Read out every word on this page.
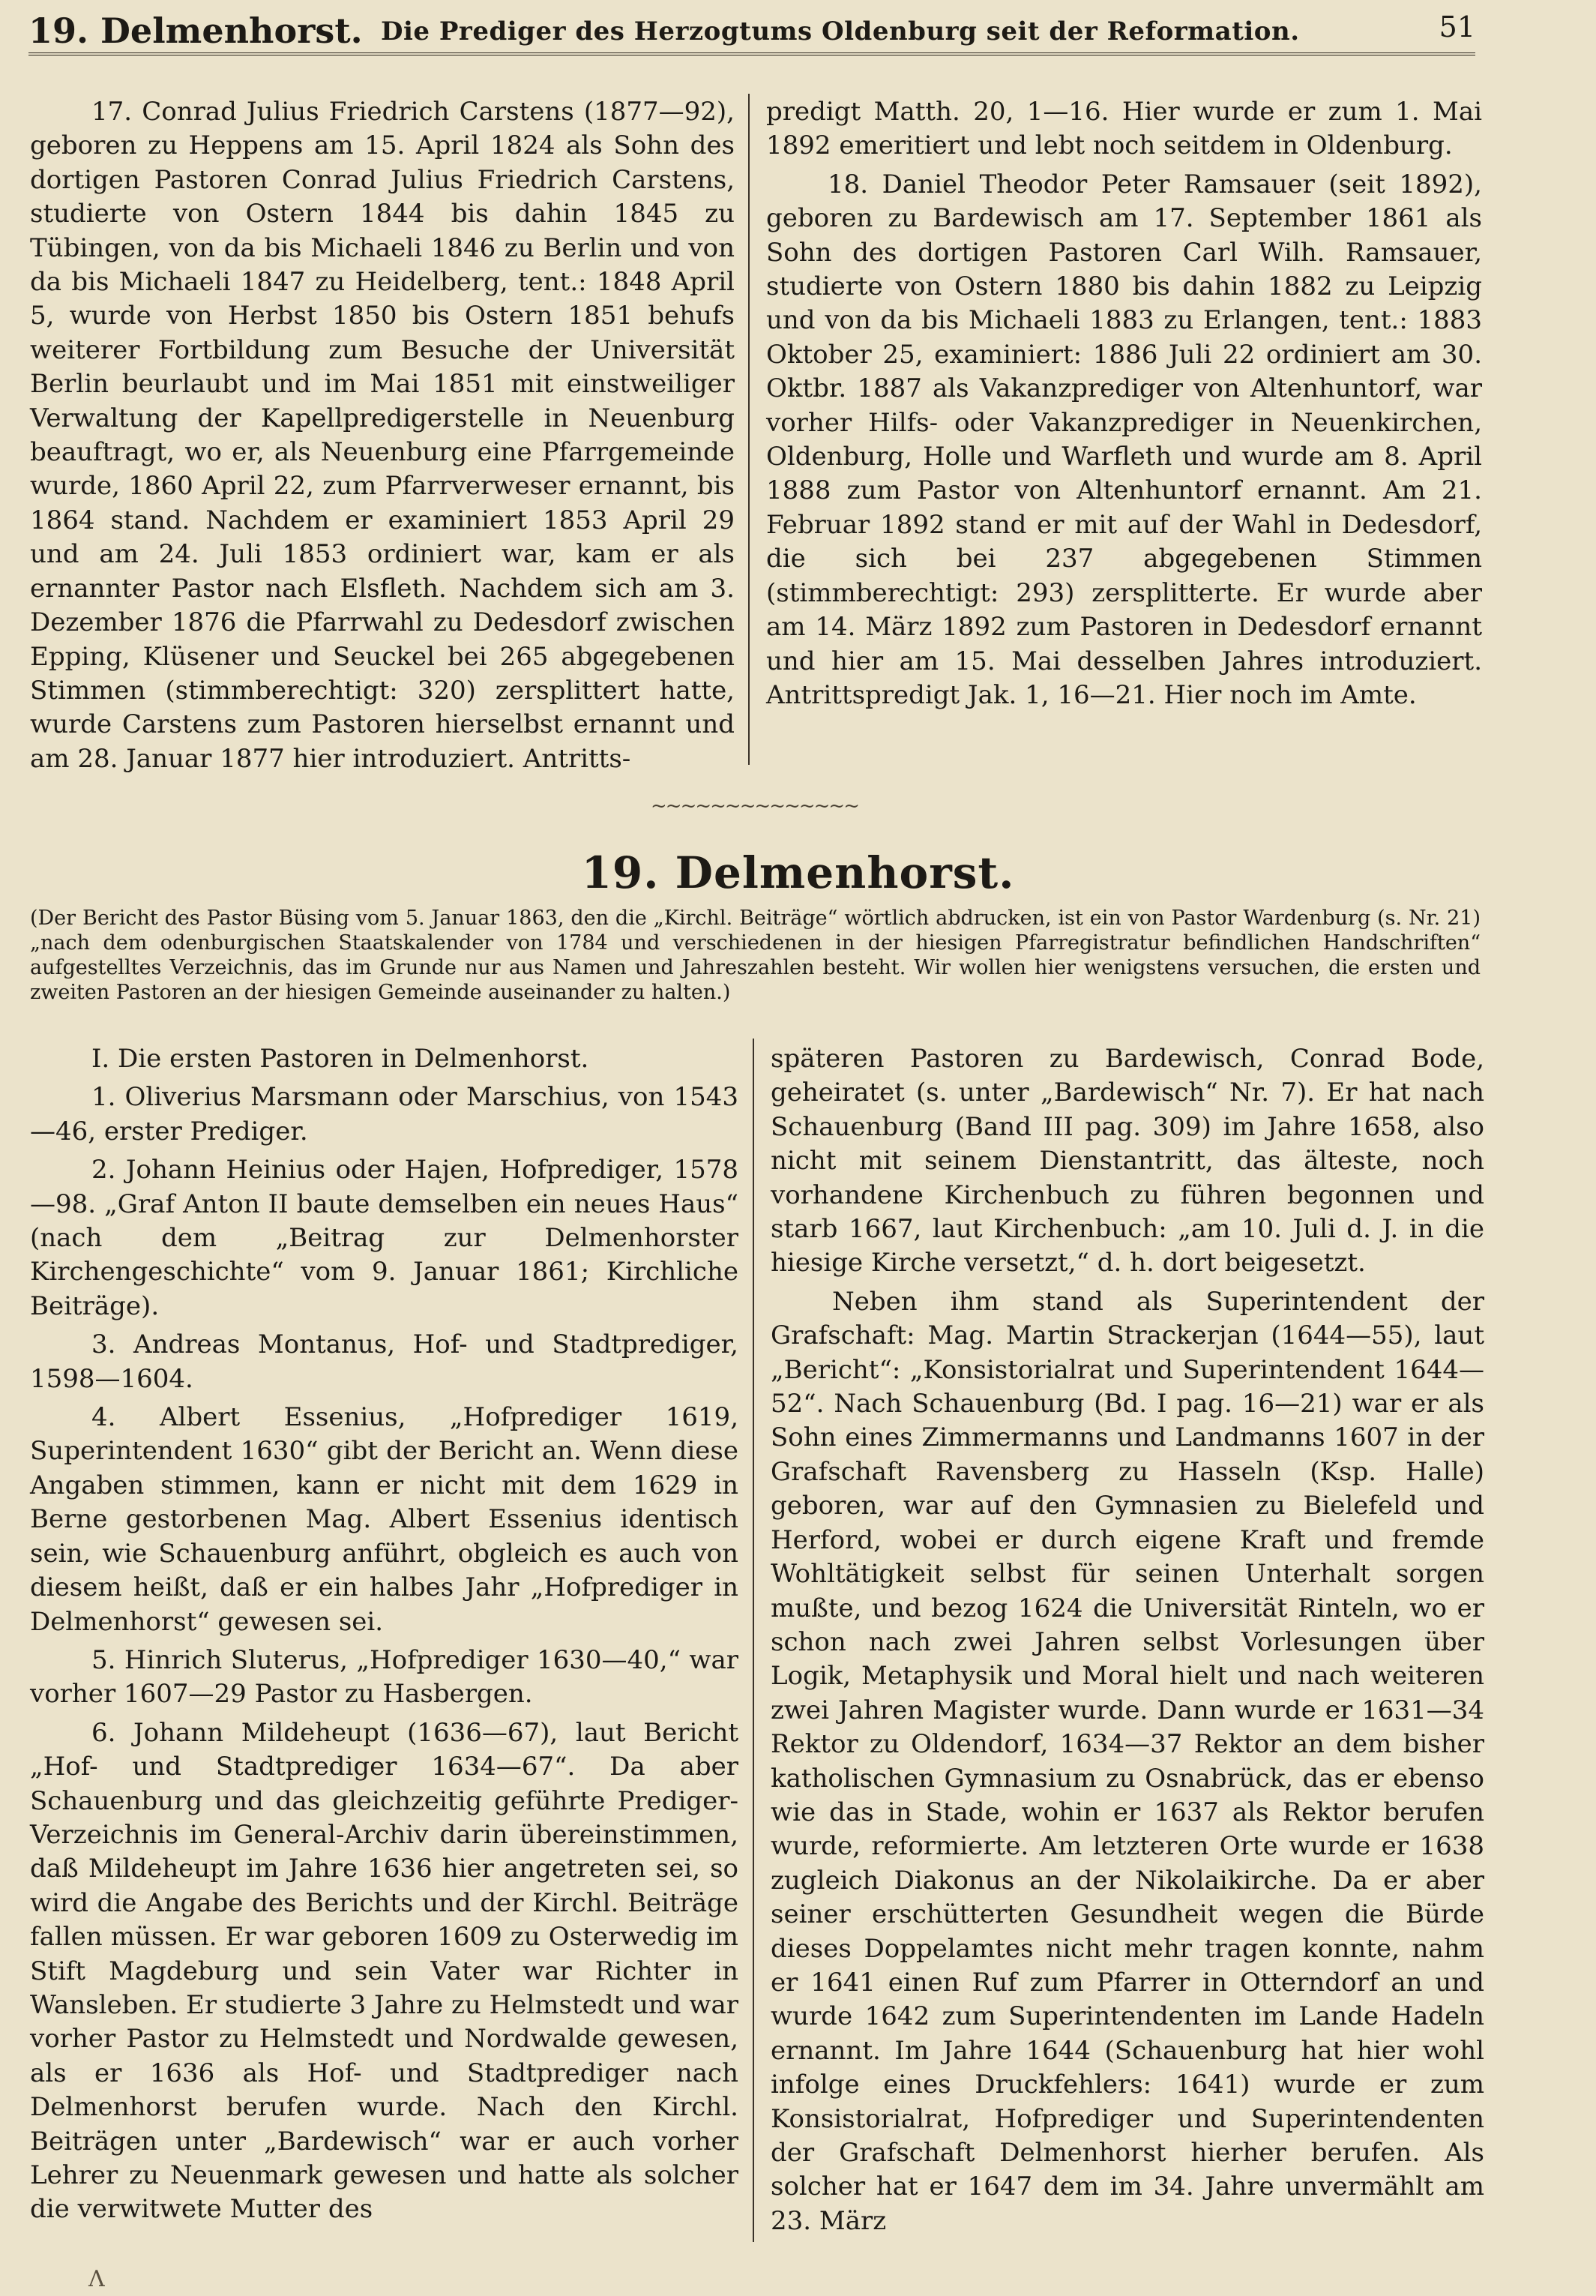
19. Delmenhorst. Die Prediger des Herzogtums Oldenburg seit der Reformation.	51

17. Conrad Julius Friedrich Carstens (1877—92), geboren zu Heppens am 15. April 1824 als Sohn des dortigen Pastoren Conrad Julius Friedrich Carstens, studierte von Ostern 1844 bis dahin 1845 zu Tübingen, von da bis Michaeli 1846 zu Berlin und von da bis Michaeli 1847 zu Heidelberg, tent.: 1848 April 5, wurde von Herbst 1850 bis Ostern 1851 behufs weiterer Fortbildung zum Besuche der Universität Berlin beurlaubt und im Mai 1851 mit einstweiliger Verwaltung der Kapellpredigerstelle in Neuenburg beauftragt, wo er, als Neuenburg eine Pfarrgemeinde wurde, 1860 April 22, zum Pfarrverweser ernannt, bis 1864 stand. Nachdem er examiniert 1853 April 29 und am 24. Juli 1853 ordiniert war, kam er als ernannter Pastor nach Elsfleth. Nachdem sich am 3. Dezember 1876 die Pfarrwahl zu Dedesdorf zwischen Epping, Klüsener und Seuckel bei 265 abgegebenen Stimmen (stimmberechtigt: 320) zersplittert hatte, wurde Carstens zum Pastoren hierselbst ernannt und am 28. Januar 1877 hier introduziert. Antritts-

predigt Matth. 20, 1—16. Hier wurde er zum 1. Mai 1892 emeritiert und lebt noch seitdem in Oldenburg.

18. Daniel Theodor Peter Ramsauer (seit 1892), geboren zu Bardewisch am 17. September 1861 als Sohn des dortigen Pastoren Carl Wilh. Ramsauer, studierte von Ostern 1880 bis dahin 1882 zu Leipzig und von da bis Michaeli 1883 zu Erlangen, tent.: 1883 Oktober 25, examiniert: 1886 Juli 22 ordiniert am 30. Oktbr. 1887 als Vakanzprediger von Altenhuntorf, war vorher Hilfs- oder Vakanzprediger in Neuenkirchen, Oldenburg, Holle und Warfleth und wurde am 8. April 1888 zum Pastor von Altenhuntorf ernannt. Am 21. Februar 1892 stand er mit auf der Wahl in Dedesdorf, die sich bei 237 abgegebenen Stimmen (stimmberechtigt: 293) zersplitterte. Er wurde aber am 14. März 1892 zum Pastoren in Dedesdorf ernannt und hier am 15. Mai desselben Jahres introduziert. Antrittspredigt Jak. 1, 16—21. Hier noch im Amte.

~~~~~~~~~~~~~~
19. Delmenhorst.

(Der Bericht des Pastor Büsing vom 5. Januar 1863, den die „Kirchl. Beiträge“ wörtlich abdrucken, ist ein von Pastor Wardenburg (s. Nr. 21) „nach dem odenburgischen Staatskalender von 1784 und verschiedenen in der hiesigen Pfarregistratur befindlichen Handschriften“ aufgestelltes Verzeichnis, das im Grunde nur aus Namen und Jahreszahlen besteht. Wir wollen hier wenigstens versuchen, die ersten und zweiten Pastoren an der hiesigen Gemeinde auseinander zu halten.)

I. Die ersten Pastoren in Delmenhorst.

1. Oliverius Marsmann oder Marschius, von 1543—46, erster Prediger.

2. Johann Heinius oder Hajen, Hofprediger, 1578—98. „Graf Anton II baute demselben ein neues Haus“ (nach dem „Beitrag zur Delmenhorster Kirchengeschichte“ vom 9. Januar 1861; Kirchliche Beiträge).

3. Andreas Montanus, Hof- und Stadtprediger, 1598—1604.

4. Albert Essenius, „Hofprediger 1619, Superintendent 1630“ gibt der Bericht an. Wenn diese Angaben stimmen, kann er nicht mit dem 1629 in Berne gestorbenen Mag. Albert Essenius identisch sein, wie Schauenburg anführt, obgleich es auch von diesem heißt, daß er ein halbes Jahr „Hofprediger in Delmenhorst“ gewesen sei.

5. Hinrich Sluterus, „Hofprediger 1630—40,“ war vorher 1607—29 Pastor zu Hasbergen.

6. Johann Mildeheupt (1636—67), laut Bericht „Hof- und Stadtprediger 1634—67“. Da aber Schauenburg und das gleichzeitig geführte Prediger-Verzeichnis im General-Archiv darin übereinstimmen, daß Mildeheupt im Jahre 1636 hier angetreten sei, so wird die Angabe des Berichts und der Kirchl. Beiträge fallen müssen. Er war geboren 1609 zu Osterwedig im Stift Magdeburg und sein Vater war Richter in Wansleben. Er studierte 3 Jahre zu Helmstedt und war vorher Pastor zu Helmstedt und Nordwalde gewesen, als er 1636 als Hof- und Stadtprediger nach Delmenhorst berufen wurde. Nach den Kirchl. Beiträgen unter „Bardewisch“ war er auch vorher Lehrer zu Neuenmark gewesen und hatte als solcher die verwitwete Mutter des

späteren Pastoren zu Bardewisch, Conrad Bode, geheiratet (s. unter „Bardewisch“ Nr. 7). Er hat nach Schauenburg (Band III pag. 309) im Jahre 1658, also nicht mit seinem Dienstantritt, das älteste, noch vorhandene Kirchenbuch zu führen begonnen und starb 1667, laut Kirchenbuch: „am 10. Juli d. J. in die hiesige Kirche versetzt,“ d. h. dort beigesetzt.

Neben ihm stand als Superintendent der Grafschaft: Mag. Martin Strackerjan (1644—55), laut „Bericht“: „Konsistorialrat und Superintendent 1644—52“. Nach Schauenburg (Bd. I pag. 16—21) war er als Sohn eines Zimmermanns und Landmanns 1607 in der Grafschaft Ravensberg zu Hasseln (Ksp. Halle) geboren, war auf den Gymnasien zu Bielefeld und Herford, wobei er durch eigene Kraft und fremde Wohltätigkeit selbst für seinen Unterhalt sorgen mußte, und bezog 1624 die Universität Rinteln, wo er schon nach zwei Jahren selbst Vorlesungen über Logik, Metaphysik und Moral hielt und nach weiteren zwei Jahren Magister wurde. Dann wurde er 1631—34 Rektor zu Oldendorf, 1634—37 Rektor an dem bisher katholischen Gymnasium zu Osnabrück, das er ebenso wie das in Stade, wohin er 1637 als Rektor berufen wurde, reformierte. Am letzteren Orte wurde er 1638 zugleich Diakonus an der Nikolaikirche. Da er aber seiner erschütterten Gesundheit wegen die Bürde dieses Doppelamtes nicht mehr tragen konnte, nahm er 1641 einen Ruf zum Pfarrer in Otterndorf an und wurde 1642 zum Superintendenten im Lande Hadeln ernannt. Im Jahre 1644 (Schauenburg hat hier wohl infolge eines Druckfehlers: 1641) wurde er zum Konsistorialrat, Hofprediger und Superintendenten der Grafschaft Delmenhorst hierher berufen. Als solcher hat er 1647 dem im 34. Jahre unvermählt am 23. März

Λ
